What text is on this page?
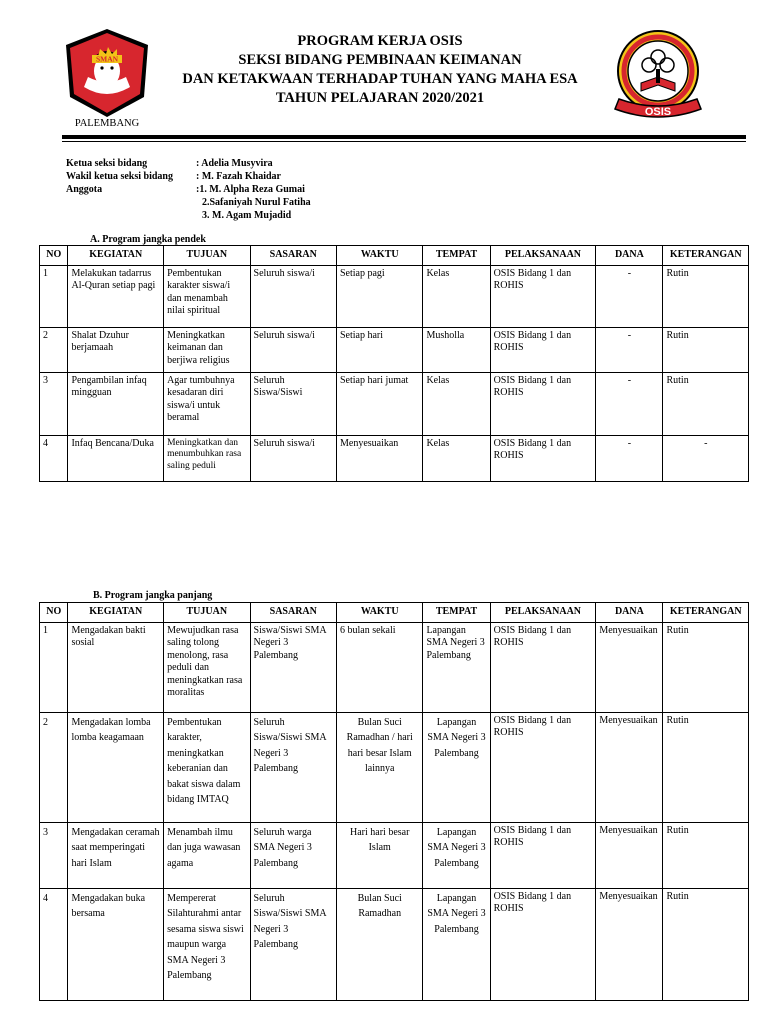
SMAN
PALEMBANG
PROGRAM KERJA OSIS
SEKSI BIDANG PEMBINAAN KEIMANAN
DAN KETAKWAAN TERHADAP TUHAN YANG MAHA ESA
TAHUN PELAJARAN 2020/2021
OSIS
Ketua seksi bidang	: Adelia Musyvira
Wakil ketua seksi bidang : M. Fazah Khaidar
Anggota	:1. M. Alpha Reza Gumai
2.Safaniyah Nurul Fatiha
3. M. Agam Mujadid
A. Program jangka pendek
NO	KEGIATAN	TUJUAN	SASARAN	WAKTU	TEMPAT	PELAKSANAAN	DANA	KETERANGAN
1	Melakukan tadarrus Al-Quran setiap pagi	Pembentukan karakter siswa/i dan menambah nilai spiritual	Seluruh siswa/i	Setiap pagi	Kelas	OSIS Bidang 1 dan ROHIS	-	Rutin
2	Shalat Dzuhur berjamaah	Meningkatkan keimanan dan berjiwa religius	Seluruh siswa/i	Setiap hari	Musholla	OSIS Bidang 1 dan ROHIS	-	Rutin
3	Pengambilan infaq mingguan	Agar tumbuhnya kesadaran diri siswa/i untuk beramal	Seluruh Siswa/Siswi	Setiap hari jumat	Kelas	OSIS Bidang 1 dan ROHIS	-	Rutin
4	Infaq Bencana/Duka	Meningkatkan dan menumbuhkan rasa saling peduli	Seluruh siswa/i	Menyesuaikan	Kelas	OSIS Bidang 1 dan ROHIS	-	-
B. Program jangka panjang
NO	KEGIATAN	TUJUAN	SASARAN	WAKTU	TEMPAT	PELAKSANAAN	DANA	KETERANGAN
1	Mengadakan bakti sosial	Mewujudkan rasa saling tolong menolong, rasa peduli dan meningkatkan rasa moralitas	Siswa/Siswi SMA Negeri 3 Palembang	6 bulan sekali	Lapangan SMA Negeri 3 Palembang	OSIS Bidang 1 dan ROHIS	Menyesuaikan	Rutin
2	Mengadakan lomba lomba keagamaan	Pembentukan karakter, meningkatkan keberanian dan bakat siswa dalam bidang IMTAQ	Seluruh Siswa/Siswi SMA Negeri 3 Palembang	Bulan Suci Ramadhan / hari hari besar Islam lainnya	Lapangan SMA Negeri 3 Palembang	OSIS Bidang 1 dan ROHIS	Menyesuaikan	Rutin
3	Mengadakan ceramah saat memperingati hari Islam	Menambah ilmu dan juga wawasan agama	Seluruh warga SMA Negeri 3 Palembang	Hari hari besar Islam	Lapangan SMA Negeri 3 Palembang	OSIS Bidang 1 dan ROHIS	Menyesuaikan	Rutin
4	Mengadakan buka bersama	Mempererat Silahturahmi antar sesama siswa siswi maupun warga SMA Negeri 3 Palembang	Seluruh Siswa/Siswi SMA Negeri 3 Palembang	Bulan Suci Ramadhan	Lapangan SMA Negeri 3 Palembang	OSIS Bidang 1 dan ROHIS	Menyesuaikan	Rutin
